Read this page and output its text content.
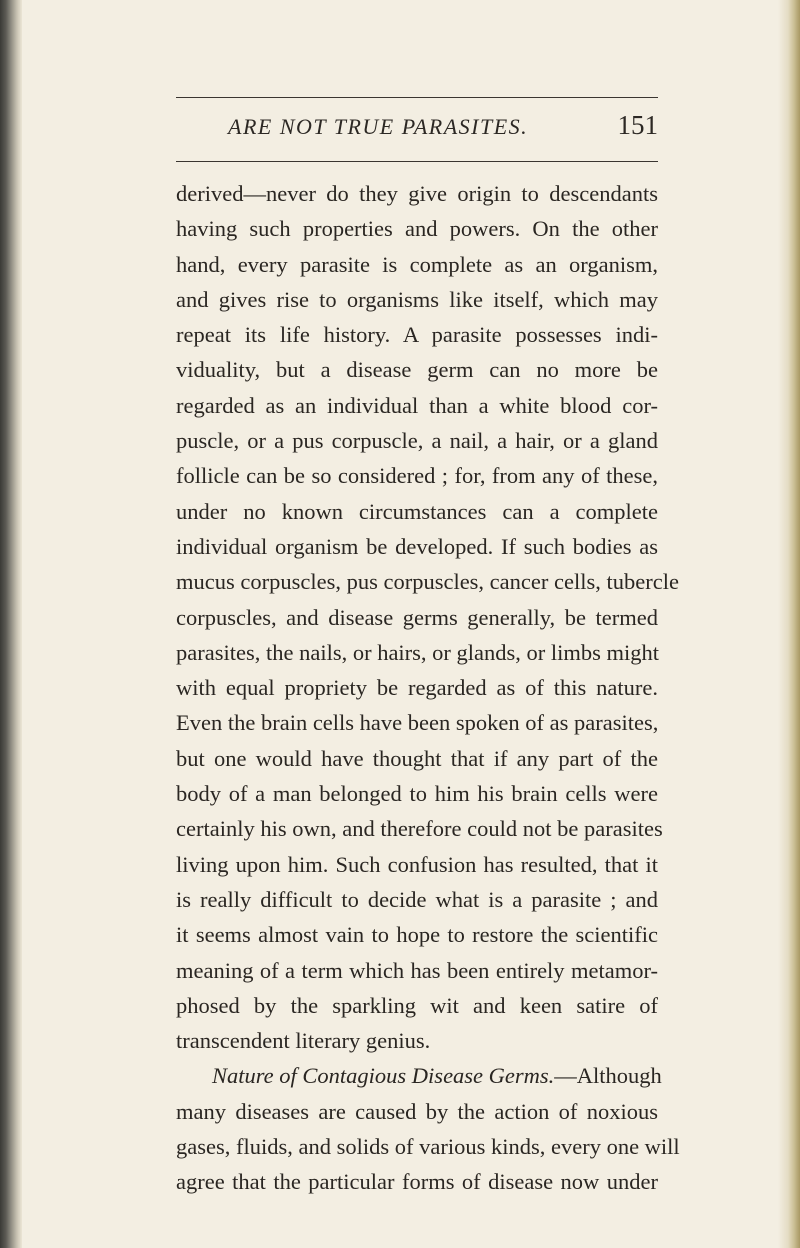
ARE NOT TRUE PARASITES.	151
derived—never do they give origin to descendants
having such properties and powers. On the other
hand, every parasite is complete as an organism,
and gives rise to organisms like itself, which may
repeat its life history. A parasite possesses indi-
viduality, but a disease germ can no more be
regarded as an individual than a white blood cor-
puscle, or a pus corpuscle, a nail, a hair, or a gland
follicle can be so considered ; for, from any of these,
under no known circumstances can a complete
individual organism be developed. If such bodies as
mucus corpuscles, pus corpuscles, cancer cells, tubercle
corpuscles, and disease germs generally, be termed
parasites, the nails, or hairs, or glands, or limbs might
with equal propriety be regarded as of this nature.
Even the brain cells have been spoken of as parasites,
but one would have thought that if any part of the
body of a man belonged to him his brain cells were
certainly his own, and therefore could not be parasites
living upon him. Such confusion has resulted, that it
is really difficult to decide what is a parasite ; and
it seems almost vain to hope to restore the scientific
meaning of a term which has been entirely metamor-
phosed by the sparkling wit and keen satire of
transcendent literary genius.
Nature of Contagious Disease Germs.—Although
many diseases are caused by the action of noxious
gases, fluids, and solids of various kinds, every one will
agree that the particular forms of disease now under
